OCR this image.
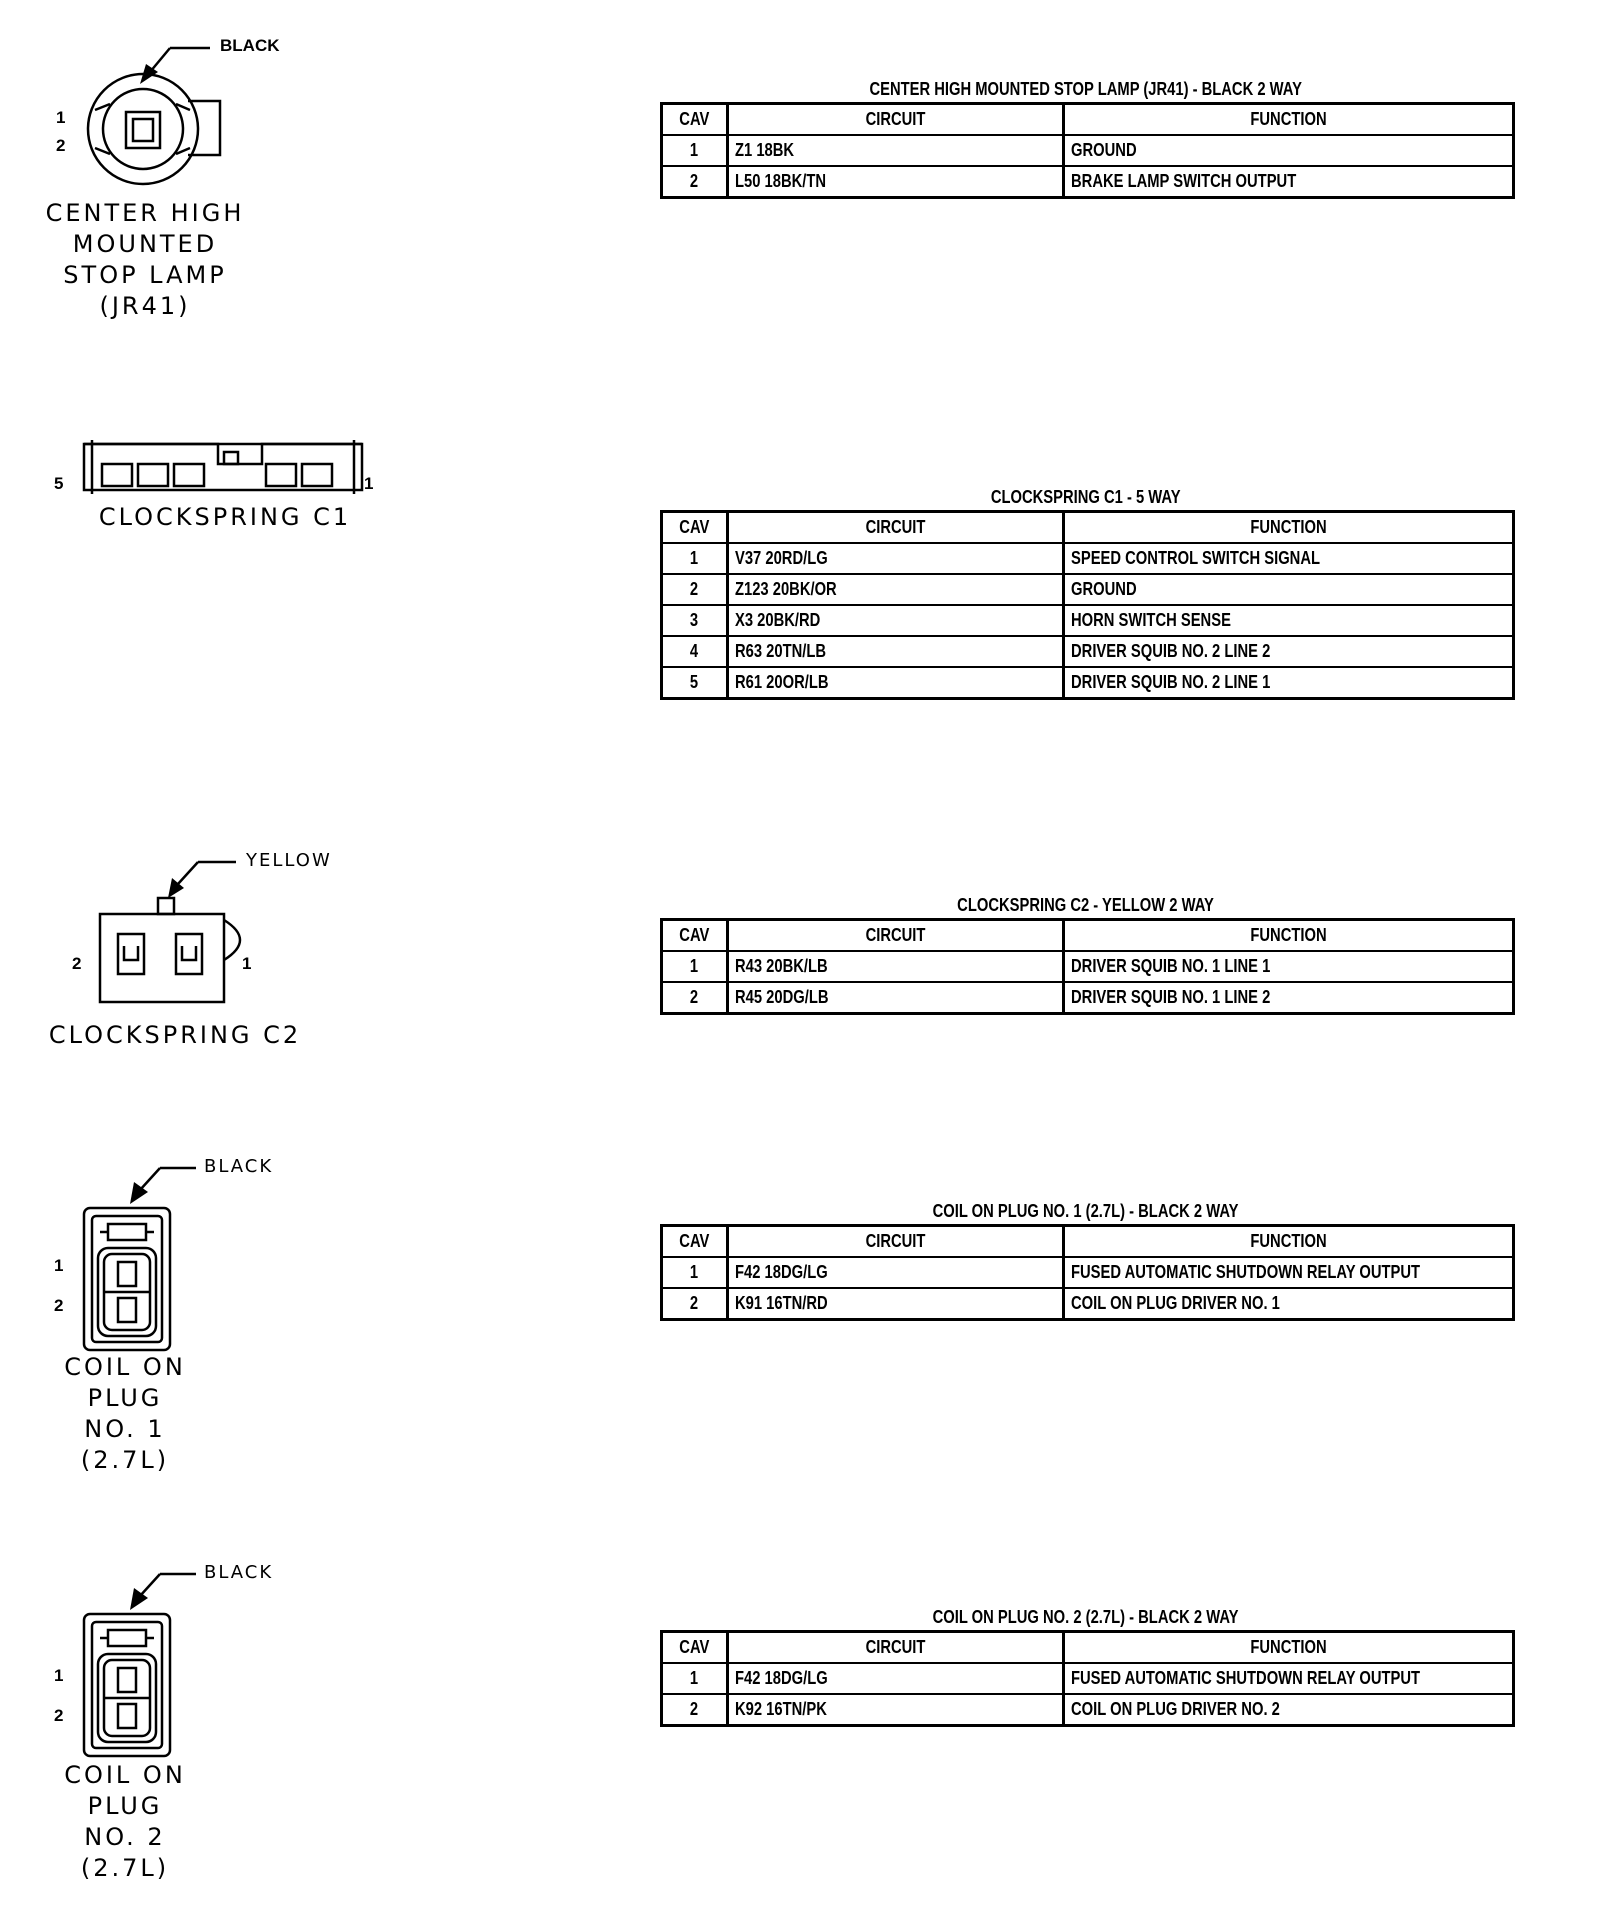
BLACK
1
2
CENTER HIGH
MOUNTED
STOP LAMP
(JR41)
5	1
CLOCKSPRING C1
YELLOW
2	1
CLOCKSPRING C2
BLACK
1
2
COIL ON
PLUG
NO. 1
(2.7L)
BLACK
1
2
COIL ON
PLUG
NO. 2
(2.7L)
CENTER HIGH MOUNTED STOP LAMP (JR41) - BLACK 2 WAY
CAV	CIRCUIT	FUNCTION
1	Z1 18BK	GROUND
2	L50 18BK/TN	BRAKE LAMP SWITCH OUTPUT
CLOCKSPRING C1 - 5 WAY
CAV	CIRCUIT	FUNCTION
1	V37 20RD/LG	SPEED CONTROL SWITCH SIGNAL
2	Z123 20BK/OR	GROUND
3	X3 20BK/RD	HORN SWITCH SENSE
4	R63 20TN/LB	DRIVER SQUIB NO. 2 LINE 2
5	R61 20OR/LB	DRIVER SQUIB NO. 2 LINE 1
CLOCKSPRING C2 - YELLOW 2 WAY
CAV	CIRCUIT	FUNCTION
1	R43 20BK/LB	DRIVER SQUIB NO. 1 LINE 1
2	R45 20DG/LB	DRIVER SQUIB NO. 1 LINE 2
COIL ON PLUG NO. 1 (2.7L) - BLACK 2 WAY
CAV	CIRCUIT	FUNCTION
1	F42 18DG/LG	FUSED AUTOMATIC SHUTDOWN RELAY OUTPUT
2	K91 16TN/RD	COIL ON PLUG DRIVER NO. 1
COIL ON PLUG NO. 2 (2.7L) - BLACK 2 WAY
CAV	CIRCUIT	FUNCTION
1	F42 18DG/LG	FUSED AUTOMATIC SHUTDOWN RELAY OUTPUT
2	K92 16TN/PK	COIL ON PLUG DRIVER NO. 2
